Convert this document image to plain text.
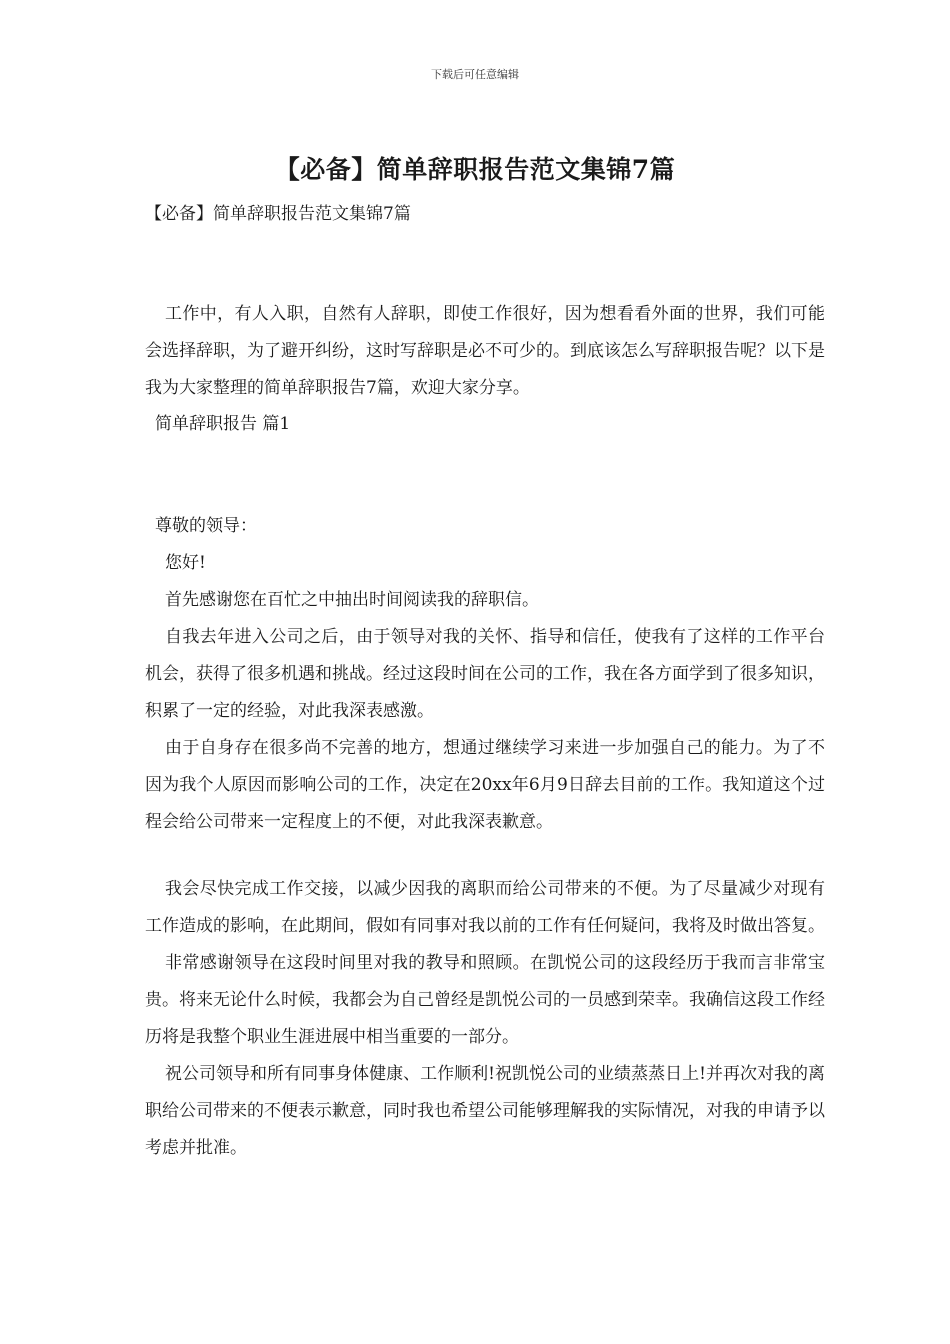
下载后可任意编辑
【必备】简单辞职报告范文集锦7篇
【必备】简单辞职报告范文集锦7篇

工作中，有人入职，自然有人辞职，即使工作很好，因为想看看外面的世界，我们可能会选择辞职，为了避开纠纷，这时写辞职是必不可少的。到底该怎么写辞职报告呢？以下是我为大家整理的简单辞职报告7篇，欢迎大家分享。

简单辞职报告 篇1

尊敬的领导：

您好!

首先感谢您在百忙之中抽出时间阅读我的辞职信。

自我去年进入公司之后，由于领导对我的关怀、指导和信任，使我有了这样的工作平台机会，获得了很多机遇和挑战。经过这段时间在公司的工作，我在各方面学到了很多知识，积累了一定的经验，对此我深表感激。

由于自身存在很多尚不完善的地方，想通过继续学习来进一步加强自己的能力。为了不因为我个人原因而影响公司的工作，决定在20xx年6月9日辞去目前的工作。我知道这个过程会给公司带来一定程度上的不便，对此我深表歉意。

我会尽快完成工作交接，以减少因我的离职而给公司带来的不便。为了尽量减少对现有工作造成的影响，在此期间，假如有同事对我以前的工作有任何疑问，我将及时做出答复。

非常感谢领导在这段时间里对我的教导和照顾。在凯悦公司的这段经历于我而言非常宝贵。将来无论什么时候，我都会为自己曾经是凯悦公司的一员感到荣幸。我确信这段工作经历将是我整个职业生涯进展中相当重要的一部分。

祝公司领导和所有同事身体健康、工作顺利!祝凯悦公司的业绩蒸蒸日上!并再次对我的离职给公司带来的不便表示歉意，同时我也希望公司能够理解我的实际情况，对我的申请予以考虑并批准。
